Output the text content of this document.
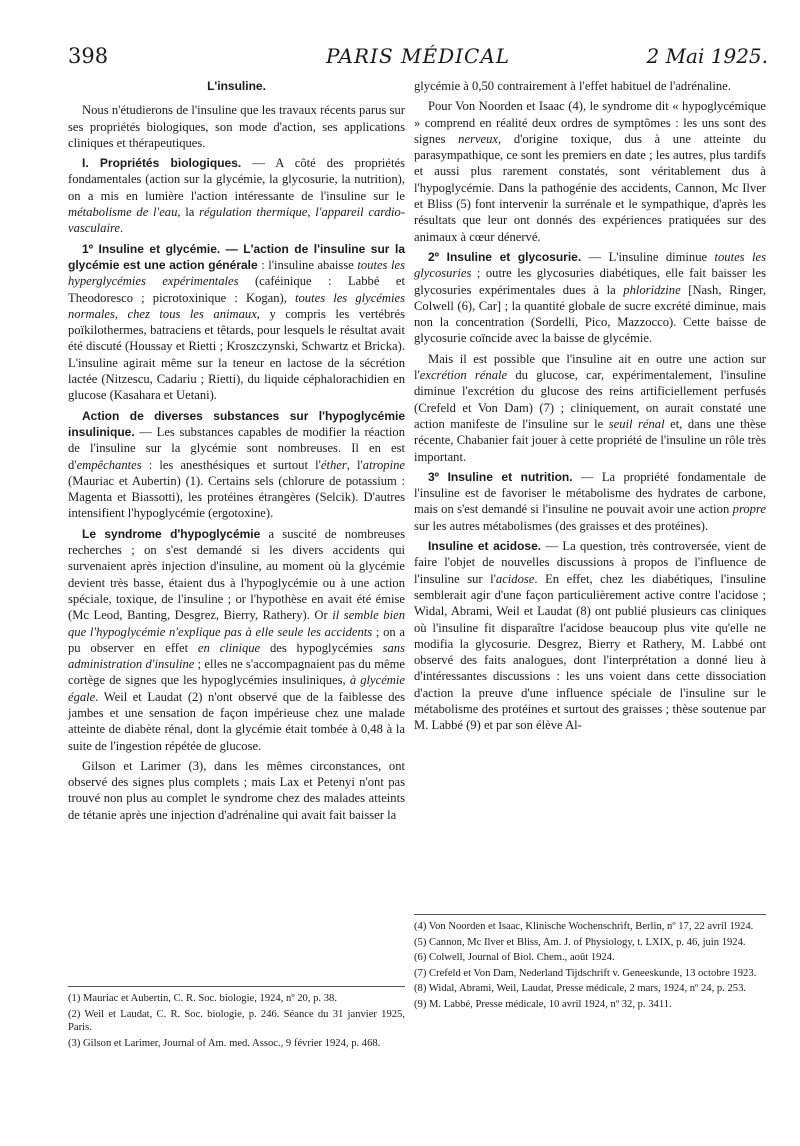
398	PARIS MÉDICAL	2 Mai 1925.
L'insuline.

Nous n'étudierons de l'insuline que les travaux récents parus sur ses propriétés biologiques, son mode d'action, ses applications cliniques et thérapeutiques.

I. Propriétés biologiques. — A côté des propriétés fondamentales (action sur la glycémie, la glycosurie, la nutrition), on a mis en lumière l'action intéressante de l'insuline sur le métabolisme de l'eau, la régulation thermique, l'appareil cardio-vasculaire.

1º Insuline et glycémie. — L'action de l'insuline sur la glycémie est une action générale : l'insuline abaisse toutes les hyperglycémies expérimentales (caféinique : Labbé et Theodoresco ; picrotoxinique : Kogan), toutes les glycémies normales, chez tous les animaux, y compris les vertébrés poïkilothermes, batraciens et têtards, pour lesquels le résultat avait été discuté (Houssay et Rietti ; Kroszczynski, Schwartz et Bricka). L'insuline agirait même sur la teneur en lactose de la sécrétion lactée (Nitzescu, Cadariu ; Rietti), du liquide céphalorachidien en glucose (Kasahara et Uetani).

Action de diverses substances sur l'hypoglycémie insulinique. — Les substances capables de modifier la réaction de l'insuline sur la glycémie sont nombreuses. Il en est d'empêchantes : les anesthésiques et surtout l'éther, l'atropine (Mauriac et Aubertin) (1). Certains sels (chlorure de potassium : Magenta et Biassotti), les protéines étrangères (Selcik). D'autres intensifient l'hypoglycémie (ergotoxine).

Le syndrome d'hypoglycémie a suscité de nombreuses recherches ; on s'est demandé si les divers accidents qui survenaient après injection d'insuline, au moment où la glycémie devient très basse, étaient dus à l'hypoglycémie ou à une action spéciale, toxique, de l'insuline ; or l'hypothèse en avait été émise (Mc Leod, Banting, Desgrez, Bierry, Rathery). Or il semble bien que l'hypoglycémie n'explique pas à elle seule les accidents ; on a pu observer en effet en clinique des hypoglycémies sans administration d'insuline ; elles ne s'accompagnaient pas du même cortège de signes que les hypoglycémies insuliniques, à glycémie égale. Weil et Laudat (2) n'ont observé que de la faiblesse des jambes et une sensation de façon impérieuse chez une malade atteinte de diabète rénal, dont la glycémie était tombée à 0,48 à la suite de l'ingestion répétée de glucose.

Gilson et Larimer (3), dans les mêmes circonstances, ont observé des signes plus complets ; mais Lax et Petenyi n'ont pas trouvé non plus au complet le syndrome chez des malades atteints de tétanie après une injection d'adrénaline qui avait fait baisser la

glycémie à 0,50 contrairement à l'effet habituel de l'adrénaline.

Pour Von Noorden et Isaac (4), le syndrome dit « hypoglycémique » comprend en réalité deux ordres de symptômes : les uns sont des signes nerveux, d'origine toxique, dus à une atteinte du parasympathique, ce sont les premiers en date ; les autres, plus tardifs et aussi plus rarement constatés, sont véritablement dus à l'hypoglycémie. Dans la pathogénie des accidents, Cannon, Mc Ilver et Bliss (5) font intervenir la surrénale et le sympathique, d'après les résultats que leur ont donnés des expériences pratiquées sur des animaux à cœur dénervé.

2º Insuline et glycosurie. — L'insuline diminue toutes les glycosuries ; outre les glycosuries diabétiques, elle fait baisser les glycosuries expérimentales dues à la phloridzine [Nash, Ringer, Colwell (6), Car] ; la quantité globale de sucre excrété diminue, mais non la concentration (Sordelli, Pico, Mazzocco). Cette baisse de glycosurie coïncide avec la baisse de glycémie.

Mais il est possible que l'insuline ait en outre une action sur l'excrétion rénale du glucose, car, expérimentalement, l'insuline diminue l'excrétion du glucose des reins artificiellement perfusés (Crefeld et Von Dam) (7) ; cliniquement, on aurait constaté une action manifeste de l'insuline sur le seuil rénal et, dans une thèse récente, Chabanier fait jouer à cette propriété de l'insuline un rôle très important.

3º Insuline et nutrition. — La propriété fondamentale de l'insuline est de favoriser le métabolisme des hydrates de carbone, mais on s'est demandé si l'insuline ne pouvait avoir une action propre sur les autres métabolismes (des graisses et des protéines).

Insuline et acidose. — La question, très controversée, vient de faire l'objet de nouvelles discussions à propos de l'influence de l'insuline sur l'acidose. En effet, chez les diabétiques, l'insuline semblerait agir d'une façon particulièrement active contre l'acidose ; Widal, Abrami, Weil et Laudat (8) ont publié plusieurs cas cliniques où l'insuline fit disparaître l'acidose beaucoup plus vite qu'elle ne modifia la glycosurie. Desgrez, Bierry et Rathery, M. Labbé ont observé des faits analogues, dont l'interprétation a donné lieu à d'intéressantes discussions : les uns voient dans cette dissociation d'action la preuve d'une influence spéciale de l'insuline sur le métabolisme des protéines et surtout des graisses ; thèse soutenue par M. Labbé (9) et par son élève Al-

(1) Mauriac et Aubertin, C. R. Soc. biologie, 1924, nº 20, p. 38.
(2) Weil et Laudat, C. R. Soc. biologie, p. 246. Séance du 31 janvier 1925, Paris.
(3) Gilson et Larimer, Journal of Am. med. Assoc., 9 février 1924, p. 468.
(4) Von Noorden et Isaac, Klinische Wochenschrift, Berlin, nº 17, 22 avril 1924.
(5) Cannon, Mc Ilver et Bliss, Am. J. of Physiology, t. LXIX, p. 46, juin 1924.
(6) Colwell, Journal of Biol. Chem., août 1924.
(7) Crefeld et Von Dam, Nederland Tijdschrift v. Geneeskunde, 13 octobre 1923.
(8) Widal, Abrami, Weil, Laudat, Presse médicale, 2 mars, 1924, nº 24, p. 253.
(9) M. Labbé, Presse médicale, 10 avril 1924, nº 32, p. 3411.
